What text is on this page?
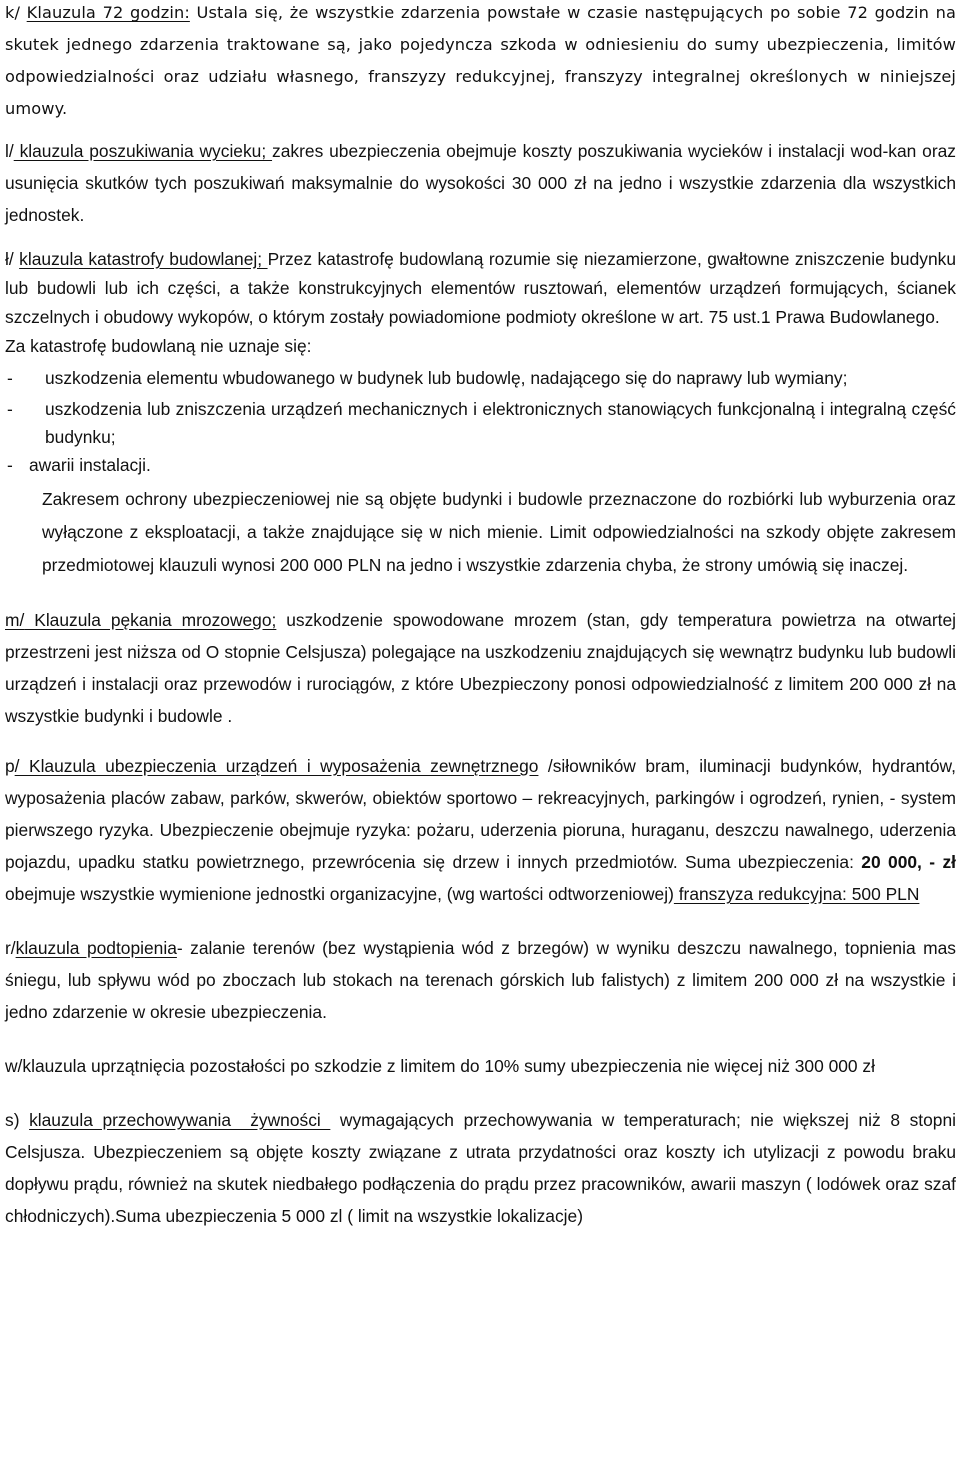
k/ Klauzula 72 godzin: Ustala się, że wszystkie zdarzenia powstałe w czasie następujących po sobie 72 godzin na skutek jednego zdarzenia traktowane są, jako pojedyncza szkoda w odniesieniu do sumy ubezpieczenia, limitów odpowiedzialności oraz udziału własnego, franszyzy redukcyjnej, franszyzy integralnej określonych w niniejszej umowy.

l/ klauzula poszukiwania wycieku; zakres ubezpieczenia obejmuje koszty poszukiwania wycieków i instalacji wod-kan oraz usunięcia skutków tych poszukiwań maksymalnie do wysokości 30 000 zł na jedno i wszystkie zdarzenia dla wszystkich jednostek.

ł/ klauzula katastrofy budowlanej; Przez katastrofę budowlaną rozumie się niezamierzone, gwałtowne zniszczenie budynku lub budowli lub ich części, a także konstrukcyjnych elementów rusztowań, elementów urządzeń formujących, ścianek szczelnych i obudowy wykopów, o którym zostały powiadomione podmioty określone w art. 75 ust.1 Prawa Budowlanego.

Za katastrofę budowlaną nie uznaje się:

-	uszkodzenia elementu wbudowanego w budynek lub budowlę, nadającego się do naprawy lub wymiany;
-	uszkodzenia lub zniszczenia urządzeń mechanicznych i elektronicznych stanowiących funkcjonalną i integralną część budynku;
- awarii instalacji.

Zakresem ochrony ubezpieczeniowej nie są objęte budynki i budowle przeznaczone do rozbiórki lub wyburzenia oraz wyłączone z eksploatacji, a także znajdujące się w nich mienie. Limit odpowiedzialności na szkody objęte zakresem przedmiotowej klauzuli wynosi 200 000 PLN na jedno i wszystkie zdarzenia chyba, że strony umówią się inaczej.

m/ Klauzula pękania mrozowego; uszkodzenie spowodowane mrozem (stan, gdy temperatura powietrza na otwartej przestrzeni jest niższa od O stopnie Celsjusza) polegające na uszkodzeniu znajdujących się wewnątrz budynku lub budowli urządzeń i instalacji oraz przewodów i rurociągów, z które Ubezpieczony ponosi odpowiedzialność z limitem 200 000 zł na wszystkie budynki i budowle .

p/ Klauzula ubezpieczenia urządzeń i wyposażenia zewnętrznego /siłowników bram, iluminacji budynków, hydrantów, wyposażenia placów zabaw, parków, skwerów, obiektów sportowo – rekreacyjnych, parkingów i ogrodzeń, rynien, - system pierwszego ryzyka. Ubezpieczenie obejmuje ryzyka: pożaru, uderzenia pioruna, huraganu, deszczu nawalnego, uderzenia pojazdu, upadku statku powietrznego, przewrócenia się drzew i innych przedmiotów. Suma ubezpieczenia: 20 000, - zł obejmuje wszystkie wymienione jednostki organizacyjne, (wg wartości odtworzeniowej) franszyza redukcyjna: 500 PLN

r/klauzula podtopienia- zalanie terenów (bez wystąpienia wód z brzegów) w wyniku deszczu nawalnego, topnienia mas śniegu, lub spływu wód po zboczach lub stokach na terenach górskich lub falistych) z limitem 200 000 zł na wszystkie i jedno zdarzenie w okresie ubezpieczenia.

w/klauzula uprzątnięcia pozostałości po szkodzie z limitem do 10% sumy ubezpieczenia nie więcej niż 300 000 zł

s) klauzula przechowywania  żywności  wymagających przechowywania w temperaturach; nie większej niż 8 stopni Celsjusza. Ubezpieczeniem są objęte koszty związane z utrata przydatności oraz koszty ich utylizacji z powodu braku dopływu prądu, również na skutek niedbałego podłączenia do prądu przez pracowników, awarii maszyn ( lodówek oraz szaf chłodniczych).Suma ubezpieczenia 5 000 zl ( limit na wszystkie lokalizacje)
